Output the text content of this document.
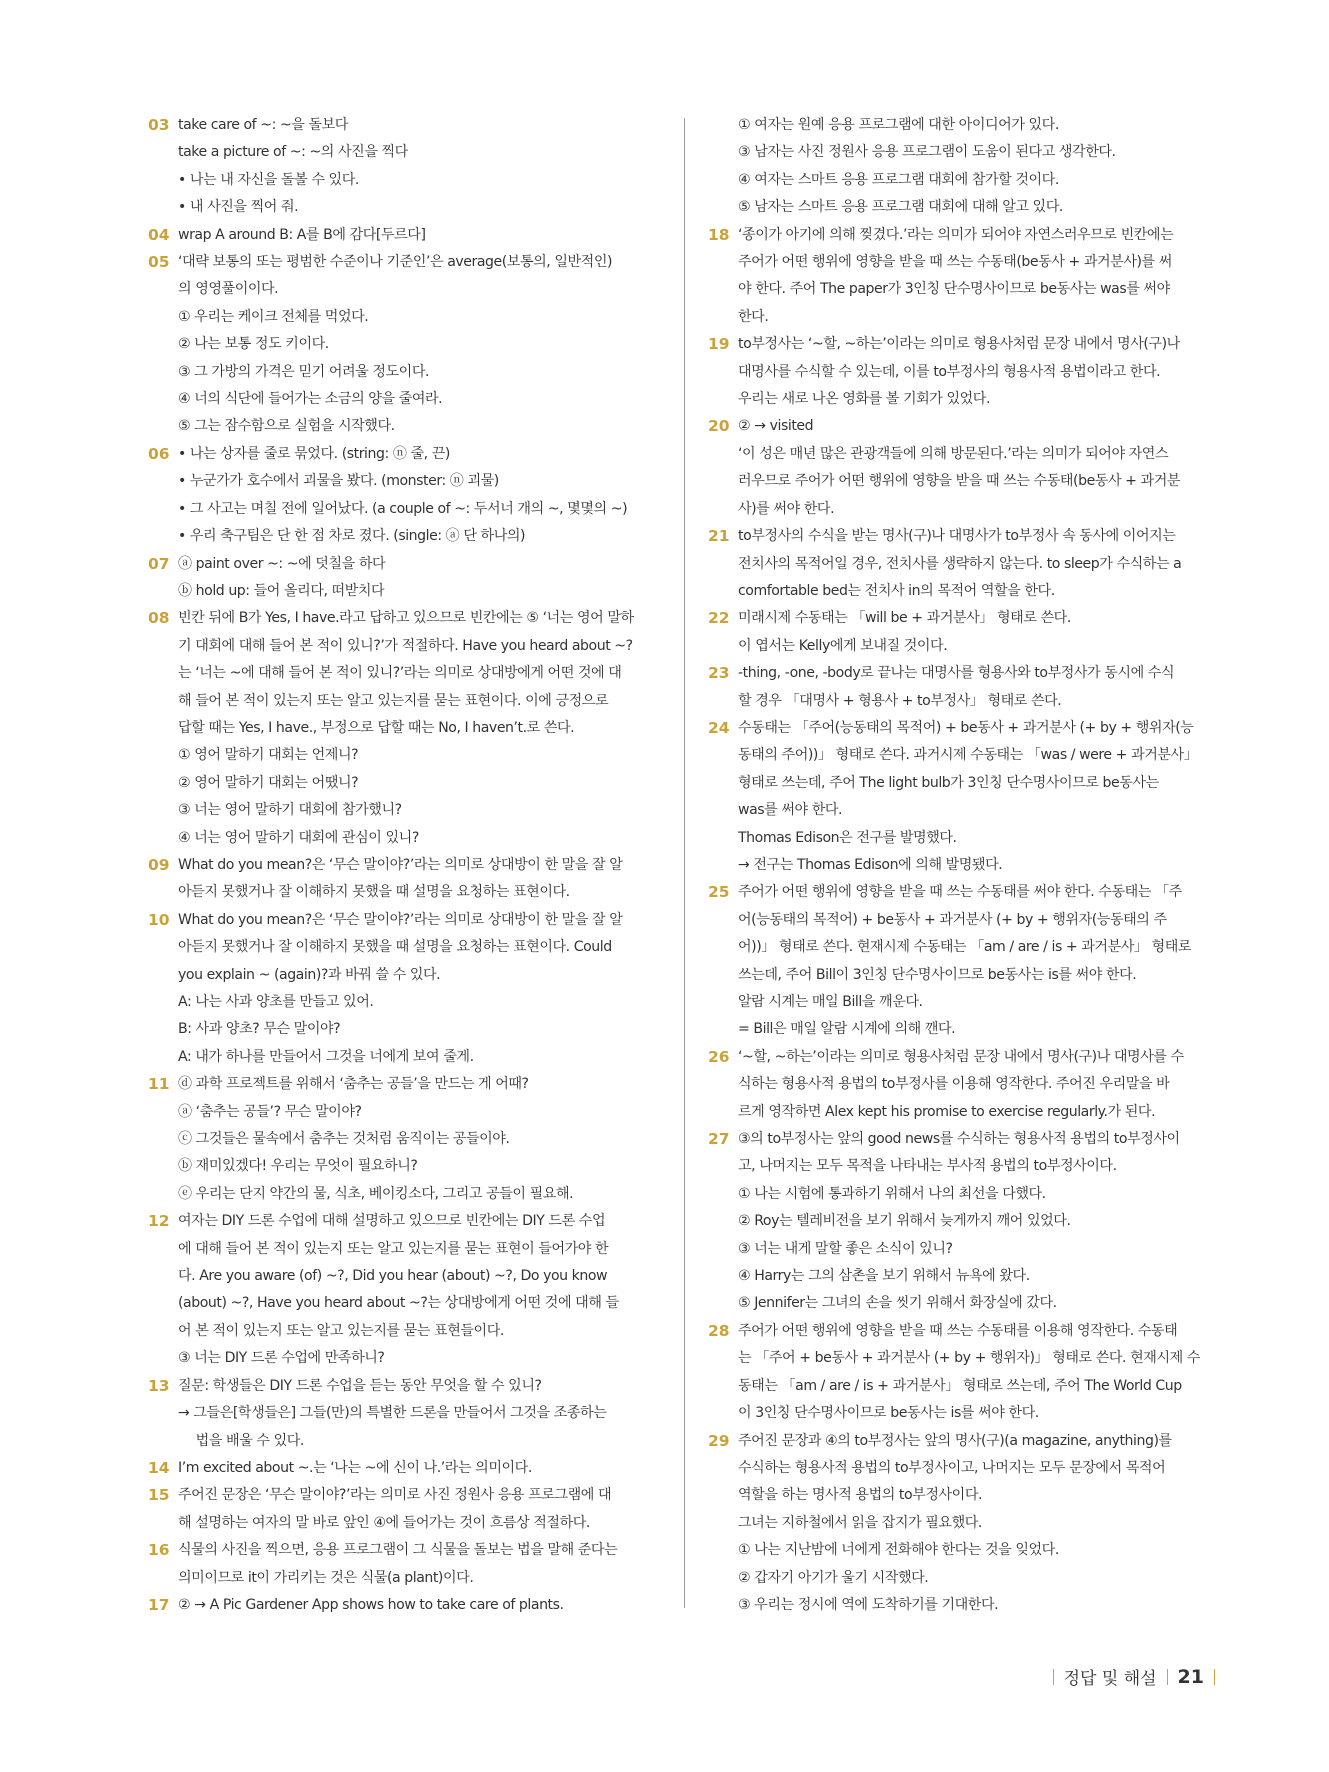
03 take care of ~: ~을 돌보다
take a picture of ~: ~의 사진을 찍다
• 나는 내 자신을 돌볼 수 있다.
• 내 사진을 찍어 줘.
04 wrap A around B: A를 B에 감다[두르다]
05 ‘대략 보통의 또는 평범한 수준이나 기준인’은 average(보통의, 일반적인)
의 영영풀이이다.
① 우리는 케이크 전체를 먹었다.
② 나는 보통 정도 키이다.
③ 그 가방의 가격은 믿기 어려울 정도이다.
④ 너의 식단에 들어가는 소금의 양을 줄여라.
⑤ 그는 잠수함으로 실험을 시작했다.
06 • 나는 상자를 줄로 묶었다. (string: ⓝ 줄, 끈)
• 누군가가 호수에서 괴물을 봤다. (monster: ⓝ 괴물)
• 그 사고는 며칠 전에 일어났다. (a couple of ~: 두서너 개의 ~, 몇몇의 ~)
• 우리 축구팀은 단 한 점 차로 졌다. (single: ⓐ 단 하나의)
07 ⓐ paint over ~: ~에 덧칠을 하다
ⓑ hold up: 들어 올리다, 떠받치다
08 빈칸 뒤에 B가 Yes, I have.라고 답하고 있으므로 빈칸에는 ⑤ ‘너는 영어 말하
기 대회에 대해 들어 본 적이 있니?’가 적절하다. Have you heard about ~?
는 ‘너는 ~에 대해 들어 본 적이 있니?’라는 의미로 상대방에게 어떤 것에 대
해 들어 본 적이 있는지 또는 알고 있는지를 묻는 표현이다. 이에 긍정으로
답할 때는 Yes, I have., 부정으로 답할 때는 No, I haven’t.로 쓴다.
① 영어 말하기 대회는 언제니?
② 영어 말하기 대회는 어땠니?
③ 너는 영어 말하기 대회에 참가했니?
④ 너는 영어 말하기 대회에 관심이 있니?
09 What do you mean?은 ‘무슨 말이야?’라는 의미로 상대방이 한 말을 잘 알
아듣지 못했거나 잘 이해하지 못했을 때 설명을 요청하는 표현이다.
10 What do you mean?은 ‘무슨 말이야?’라는 의미로 상대방이 한 말을 잘 알
아듣지 못했거나 잘 이해하지 못했을 때 설명을 요청하는 표현이다. Could
you explain ~ (again)?과 바꿔 쓸 수 있다.
A: 나는 사과 양초를 만들고 있어.
B: 사과 양초? 무슨 말이야?
A: 내가 하나를 만들어서 그것을 너에게 보여 줄게.
11 ⓓ 과학 프로젝트를 위해서 ‘춤추는 공들’을 만드는 게 어때?
ⓐ ‘춤추는 공들’? 무슨 말이야?
ⓒ 그것들은 물속에서 춤추는 것처럼 움직이는 공들이야.
ⓑ 재미있겠다! 우리는 무엇이 필요하니?
ⓔ 우리는 단지 약간의 물, 식초, 베이킹소다, 그리고 공들이 필요해.
12 여자는 DIY 드론 수업에 대해 설명하고 있으므로 빈칸에는 DIY 드론 수업
에 대해 들어 본 적이 있는지 또는 알고 있는지를 묻는 표현이 들어가야 한
다. Are you aware (of) ~?, Did you hear (about) ~?, Do you know
(about) ~?, Have you heard about ~?는 상대방에게 어떤 것에 대해 들
어 본 적이 있는지 또는 알고 있는지를 묻는 표현들이다.
③ 너는 DIY 드론 수업에 만족하니?
13 질문: 학생들은 DIY 드론 수업을 듣는 동안 무엇을 할 수 있니?
→ 그들은[학생들은] 그들(만)의 특별한 드론을 만들어서 그것을 조종하는
　 법을 배울 수 있다.
14 I’m excited about ~.는 ‘나는 ~에 신이 나.’라는 의미이다.
15 주어진 문장은 ‘무슨 말이야?’라는 의미로 사진 정원사 응용 프로그램에 대
해 설명하는 여자의 말 바로 앞인 ④에 들어가는 것이 흐름상 적절하다.
16 식물의 사진을 찍으면, 응용 프로그램이 그 식물을 돌보는 법을 말해 준다는
의미이므로 it이 가리키는 것은 식물(a plant)이다.
17 ② → A Pic Gardener App shows how to take care of plants.
① 여자는 원예 응용 프로그램에 대한 아이디어가 있다.
③ 남자는 사진 정원사 응용 프로그램이 도움이 된다고 생각한다.
④ 여자는 스마트 응용 프로그램 대회에 참가할 것이다.
⑤ 남자는 스마트 응용 프로그램 대회에 대해 알고 있다.
18 ‘종이가 아기에 의해 찢겼다.’라는 의미가 되어야 자연스러우므로 빈칸에는
주어가 어떤 행위에 영향을 받을 때 쓰는 수동태(be동사 + 과거분사)를 써
야 한다. 주어 The paper가 3인칭 단수명사이므로 be동사는 was를 써야
한다.
19 to부정사는 ‘~할, ~하는’이라는 의미로 형용사처럼 문장 내에서 명사(구)나
대명사를 수식할 수 있는데, 이를 to부정사의 형용사적 용법이라고 한다.
우리는 새로 나온 영화를 볼 기회가 있었다.
20 ② → visited
‘이 성은 매년 많은 관광객들에 의해 방문된다.’라는 의미가 되어야 자연스
러우므로 주어가 어떤 행위에 영향을 받을 때 쓰는 수동태(be동사 + 과거분
사)를 써야 한다.
21 to부정사의 수식을 받는 명사(구)나 대명사가 to부정사 속 동사에 이어지는
전치사의 목적어일 경우, 전치사를 생략하지 않는다. to sleep가 수식하는 a
comfortable bed는 전치사 in의 목적어 역할을 한다.
22 미래시제 수동태는 「will be + 과거분사」 형태로 쓴다.
이 엽서는 Kelly에게 보내질 것이다.
23 -thing, -one, -body로 끝나는 대명사를 형용사와 to부정사가 동시에 수식
할 경우 「대명사 + 형용사 + to부정사」 형태로 쓴다.
24 수동태는 「주어(능동태의 목적어) + be동사 + 과거분사 (+ by + 행위자(능
동태의 주어))」 형태로 쓴다. 과거시제 수동태는 「was / were + 과거분사」
형태로 쓰는데, 주어 The light bulb가 3인칭 단수명사이므로 be동사는
was를 써야 한다.
Thomas Edison은 전구를 발명했다.
→ 전구는 Thomas Edison에 의해 발명됐다.
25 주어가 어떤 행위에 영향을 받을 때 쓰는 수동태를 써야 한다. 수동태는 「주
어(능동태의 목적어) + be동사 + 과거분사 (+ by + 행위자(능동태의 주
어))」 형태로 쓴다. 현재시제 수동태는 「am / are / is + 과거분사」 형태로
쓰는데, 주어 Bill이 3인칭 단수명사이므로 be동사는 is를 써야 한다.
알람 시계는 매일 Bill을 깨운다.
= Bill은 매일 알람 시계에 의해 깬다.
26 ‘~할, ~하는’이라는 의미로 형용사처럼 문장 내에서 명사(구)나 대명사를 수
식하는 형용사적 용법의 to부정사를 이용해 영작한다. 주어진 우리말을 바
르게 영작하면 Alex kept his promise to exercise regularly.가 된다.
27 ③의 to부정사는 앞의 good news를 수식하는 형용사적 용법의 to부정사이
고, 나머지는 모두 목적을 나타내는 부사적 용법의 to부정사이다.
① 나는 시험에 통과하기 위해서 나의 최선을 다했다.
② Roy는 텔레비전을 보기 위해서 늦게까지 깨어 있었다.
③ 너는 내게 말할 좋은 소식이 있니?
④ Harry는 그의 삼촌을 보기 위해서 뉴욕에 왔다.
⑤ Jennifer는 그녀의 손을 씻기 위해서 화장실에 갔다.
28 주어가 어떤 행위에 영향을 받을 때 쓰는 수동태를 이용해 영작한다. 수동태
는 「주어 + be동사 + 과거분사 (+ by + 행위자)」 형태로 쓴다. 현재시제 수
동태는 「am / are / is + 과거분사」 형태로 쓰는데, 주어 The World Cup
이 3인칭 단수명사이므로 be동사는 is를 써야 한다.
29 주어진 문장과 ④의 to부정사는 앞의 명사(구)(a magazine, anything)를
수식하는 형용사적 용법의 to부정사이고, 나머지는 모두 문장에서 목적어
역할을 하는 명사적 용법의 to부정사이다.
그녀는 지하철에서 읽을 잡지가 필요했다.
① 나는 지난밤에 너에게 전화해야 한다는 것을 잊었다.
② 갑자기 아기가 울기 시작했다.
③ 우리는 정시에 역에 도착하기를 기대한다.
정답 및 해설 21
